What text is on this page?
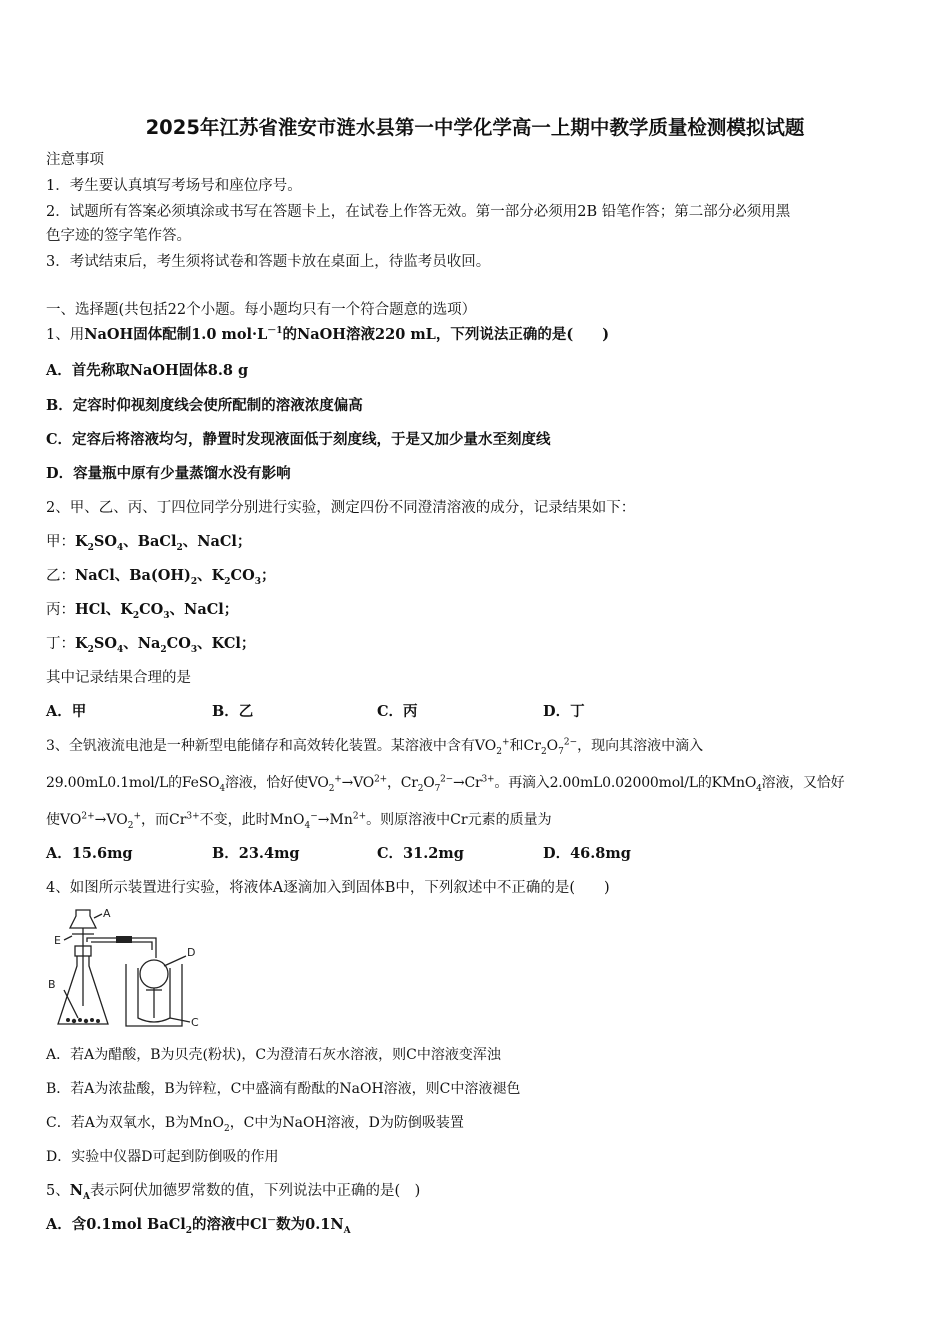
2025年江苏省淮安市涟水县第一中学化学高一上期中教学质量检测模拟试题
注意事项
1．考生要认真填写考场号和座位序号。
2．试题所有答案必须填涂或书写在答题卡上，在试卷上作答无效。第一部分必须用2B 铅笔作答；第二部分必须用黑
色字迹的签字笔作答。
3．考试结束后，考生须将试卷和答题卡放在桌面上，待监考员收回。
一、选择题(共包括22个小题。每小题均只有一个符合题意的选项）
1、用NaOH固体配制1.0 $mol\cdot L^{-1}$的NaOH溶液220 mL，下列说法正确的是(　　)
A．首先称取NaOH固体8.8 g
B．定容时仰视刻度线会使所配制的溶液浓度偏高
C．定容后将溶液均匀，静置时发现液面低于刻度线，于是又加少量水至刻度线
D．容量瓶中原有少量蒸馏水没有影响
2、甲、乙、丙、丁四位同学分别进行实验，测定四份不同澄清溶液的成分，记录结果如下：
甲：$K_2SO_4$、BaCl$_2$、NaCl；
乙：NaCl、$Ba(OH)_2$、$K_2CO_3$；
丙：HCl、$K_2CO_3$、NaCl；
丁：$K_2SO_4$、$Na_2CO_3$、KCl；
其中记录结果合理的是
A．甲	B．乙	C．丙	D．丁
3、全钒液流电池是一种新型电能储存和高效转化装置。某溶液中含有$VO_2^+$和$Cr_2O_7^{2-}$，现向其溶液中滴入
29.00mL0.1mol/L的FeSO$_4$溶液，恰好使$VO_2^+\to VO^{2+}$，$Cr_2O_7^{2-}\to Cr^{3+}$。再滴入2.00mL0.02000mol/L的KMnO$_4$溶液，又恰好
使$VO^{2+}\to VO_2^+$，而$Cr^{3+}$不变，此时$MnO_4^-\to Mn^{2+}$。则原溶液中Cr元素的质量为
A．15.6mg	B．23.4mg	C．31.2mg	D．46.8mg
4、如图所示装置进行实验，将液体A逐滴加入到固体B中，下列叙述中不正确的是(　　)
A
E
B
D
C
A．若A为醋酸，B为贝壳(粉状)，C为澄清石灰水溶液，则C中溶液变浑浊
B．若A为浓盐酸，B为锌粒，C中盛滴有酚酞的NaOH溶液，则C中溶液褪色
C．若A为双氧水，B为MnO$_2$，C中为NaOH溶液，D为防倒吸装置
D．实验中仪器D可起到防倒吸的作用
5、$N_A$表示阿伏加德罗常数的值，下列说法中正确的是(　)
A．含0.1mol BaCl$_2$的溶液中Cl－数为$0.1N_A$
